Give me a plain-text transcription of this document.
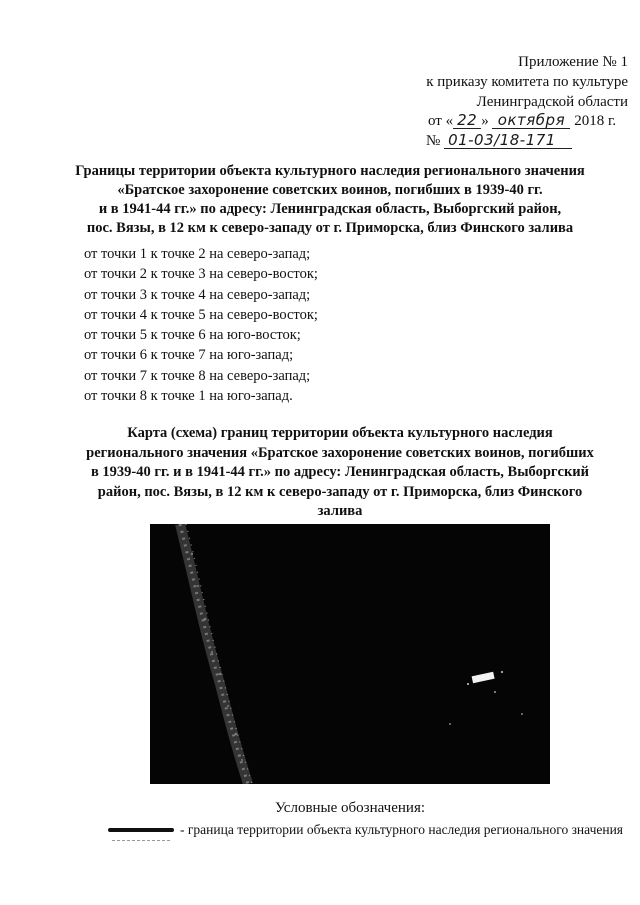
Приложение № 1
к приказу комитета по культуре
Ленинградской области
от « 22 » октября 2018 г.
№ 01-03/18-171
Границы территории объекта культурного наследия регионального значения
«Братское захоронение советских воинов, погибших в 1939-40 гг.
и в 1941-44 гг.» по адресу: Ленинградская область, Выборгский район,
пос. Вязы, в 12 км к северо-западу от г. Приморска, близ Финского залива
от точки 1 к точке 2 на северо-запад;
от точки 2 к точке 3 на северо-восток;
от точки 3 к точке 4 на северо-запад;
от точки 4 к точке 5 на северо-восток;
от точки 5 к точке 6 на юго-восток;
от точки 6 к точке 7 на юго-запад;
от точки 7 к точке 8 на северо-запад;
от точки 8 к точке 1 на юго-запад.
Карта (схема) границ территории объекта культурного наследия
регионального значения «Братское захоронение советских воинов, погибших
в 1939-40 гг. и в 1941-44 гг.» по адресу: Ленинградская область, Выборгский
район, пос. Вязы, в 12 км к северо-западу от г. Приморска, близ Финского
залива
Условные обозначения:
- граница территории объекта культурного наследия регионального значения
